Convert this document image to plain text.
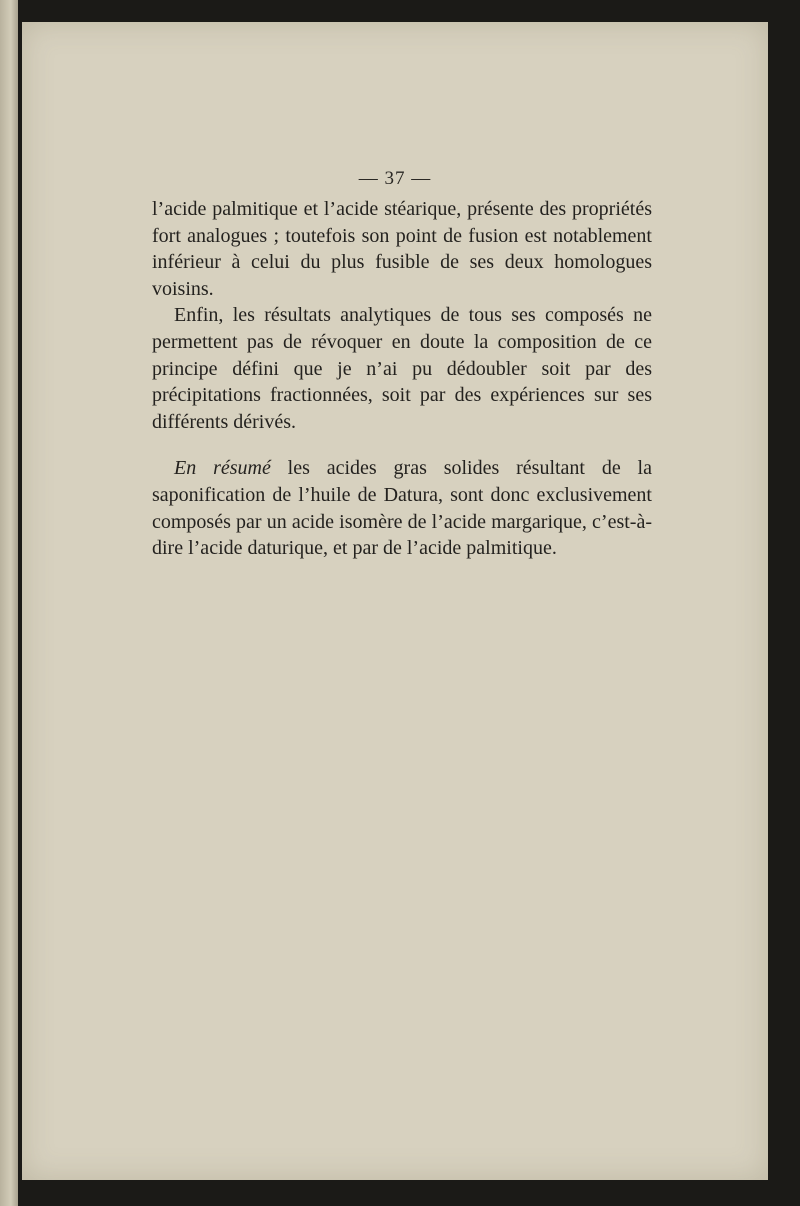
— 37 —

l’acide palmitique et l’acide stéarique, présente des propriétés fort analogues ; toutefois son point de fusion est notablement inférieur à celui du plus fusible de ses deux homologues voisins.

Enfin, les résultats analytiques de tous ses composés ne permettent pas de révoquer en doute la composition de ce principe défini que je n’ai pu dédoubler soit par des précipitations fractionnées, soit par des expériences sur ses différents dérivés.

En résumé les acides gras solides résultant de la saponification de l’huile de Datura, sont donc exclusivement composés par un acide isomère de l’acide margarique, c’est-à-dire l’acide daturique, et par de l’acide palmitique.
